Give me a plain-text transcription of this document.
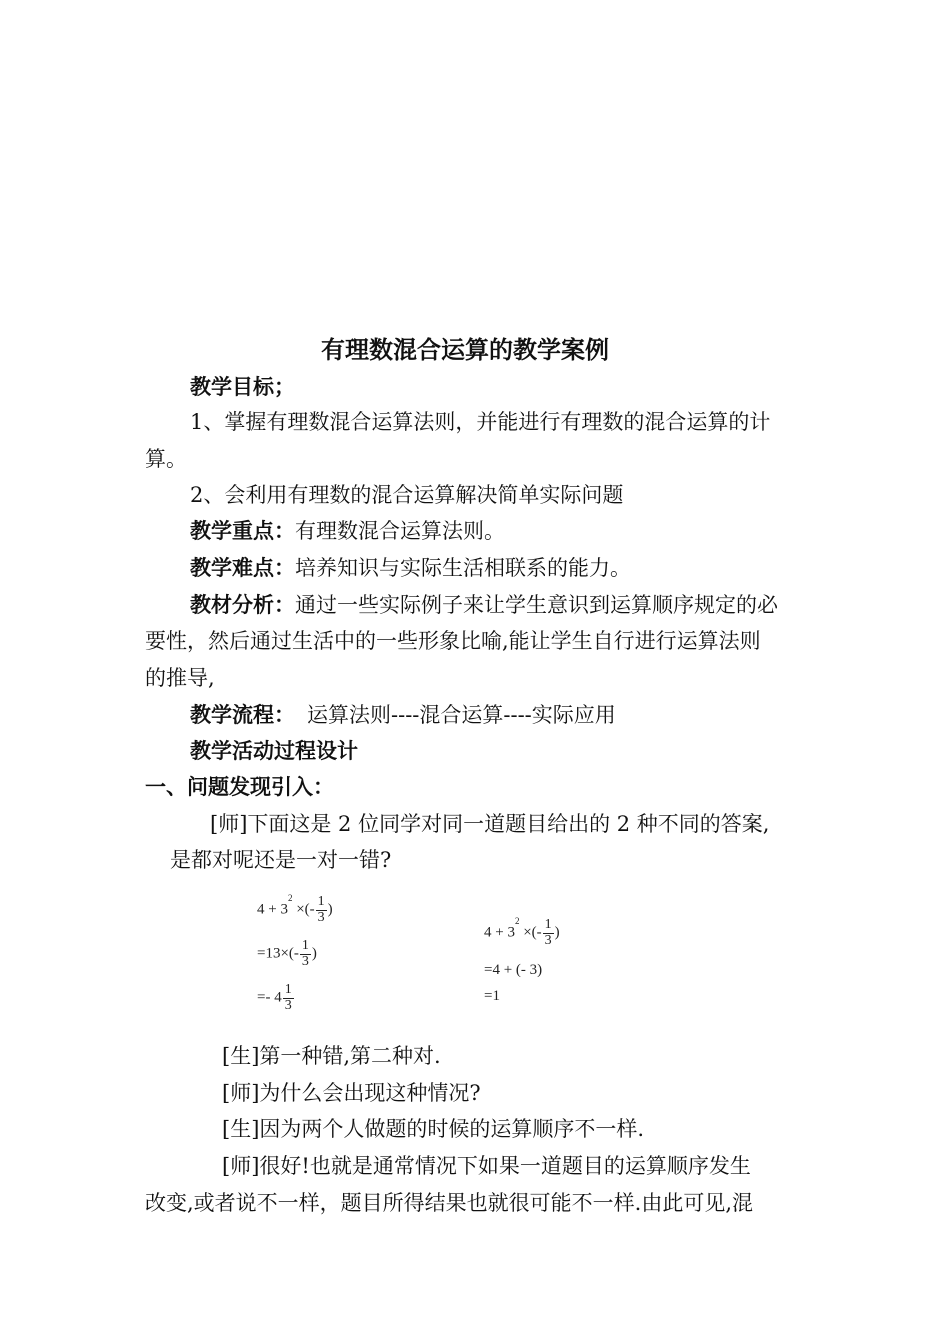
有理数混合运算的教学案例
教学目标；
1、掌握有理数混合运算法则，并能进行有理数的混合运算的计
算。
2、会利用有理数的混合运算解决简单实际问题
教学重点：有理数混合运算法则。
教学难点：培养知识与实际生活相联系的能力。
教材分析：通过一些实际例子来让学生意识到运算顺序规定的必
要性，然后通过生活中的一些形象比喻,能让学生自行进行运算法则
的推导,
教学流程： 运算法则----混合运算----实际应用
教学活动过程设计
一、问题发现引入：
[师]下面这是 2 位同学对同一道题目给出的 2 种不同的答案,
是都对呢还是一对一错?
$4 + 3^2$ ×(- $\frac{1}{3}$ )
$=13\times(- \frac{1}{3}$ )
=- $4 \frac{1}{3}$
$4 + 3^2$ ×(- $\frac{1}{3}$ )
=4 + (- 3)
=1
[生]第一种错,第二种对.
[师]为什么会出现这种情况?
[生]因为两个人做题的时候的运算顺序不一样.
[师]很好!也就是通常情况下如果一道题目的运算顺序发生
改变,或者说不一样，题目所得结果也就很可能不一样.由此可见,混
